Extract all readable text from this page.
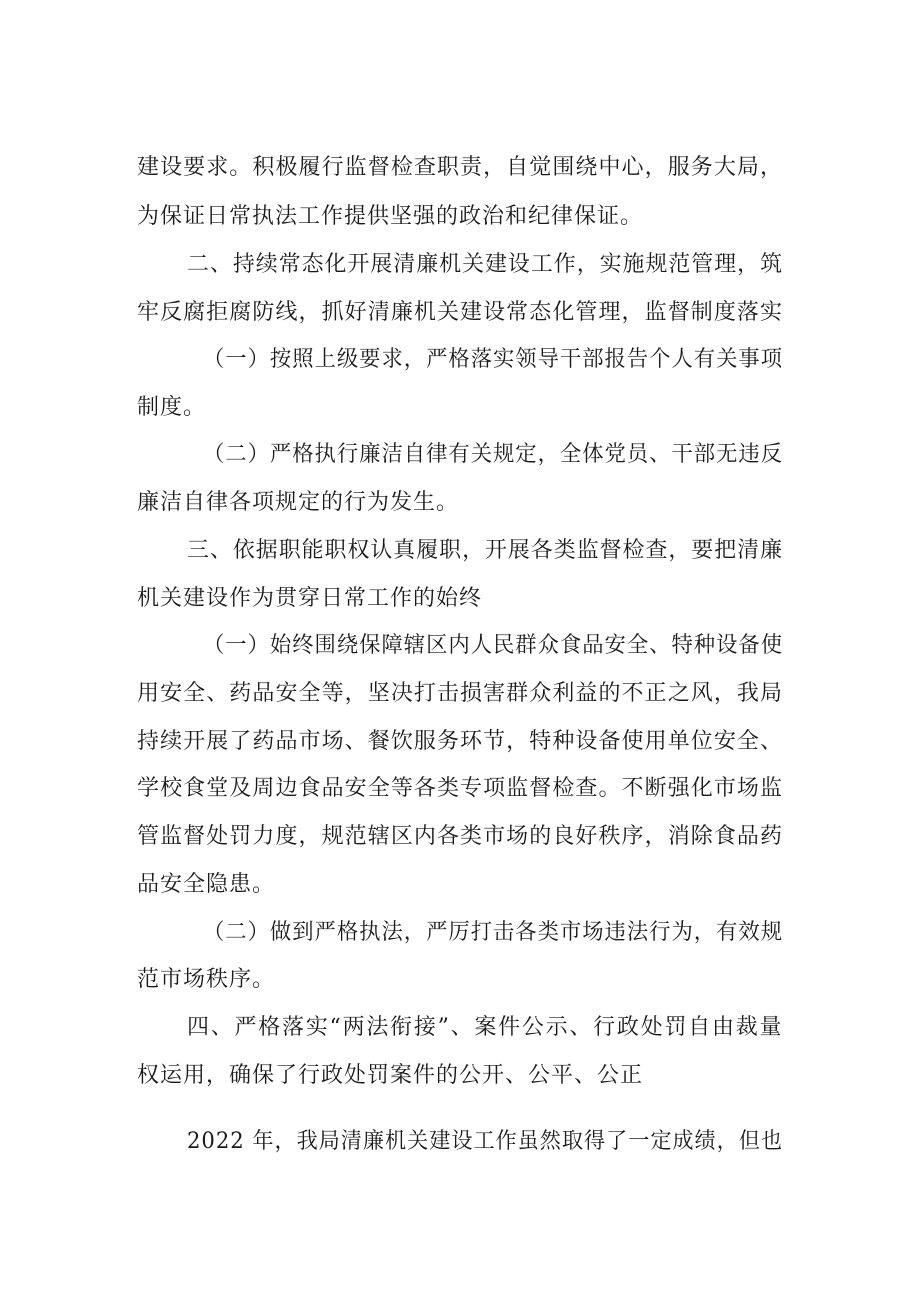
建设要求。积极履行监督检查职责，自觉围绕中心，服务大局，
为保证日常执法工作提供坚强的政治和纪律保证。
二、持续常态化开展清廉机关建设工作，实施规范管理，筑
牢反腐拒腐防线，抓好清廉机关建设常态化管理，监督制度落实
（一）按照上级要求，严格落实领导干部报告个人有关事项
制度。
（二）严格执行廉洁自律有关规定，全体党员、干部无违反
廉洁自律各项规定的行为发生。
三、依据职能职权认真履职，开展各类监督检查，要把清廉
机关建设作为贯穿日常工作的始终
（一）始终围绕保障辖区内人民群众食品安全、特种设备使
用安全、药品安全等，坚决打击损害群众利益的不正之风，我局
持续开展了药品市场、餐饮服务环节，特种设备使用单位安全、
学校食堂及周边食品安全等各类专项监督检查。不断强化市场监
管监督处罚力度，规范辖区内各类市场的良好秩序，消除食品药
品安全隐患。
（二）做到严格执法，严厉打击各类市场违法行为，有效规
范市场秩序。
四、严格落实“两法衔接”、案件公示、行政处罚自由裁量
权运用，确保了行政处罚案件的公开、公平、公正
2022 年，我局清廉机关建设工作虽然取得了一定成绩，但也
